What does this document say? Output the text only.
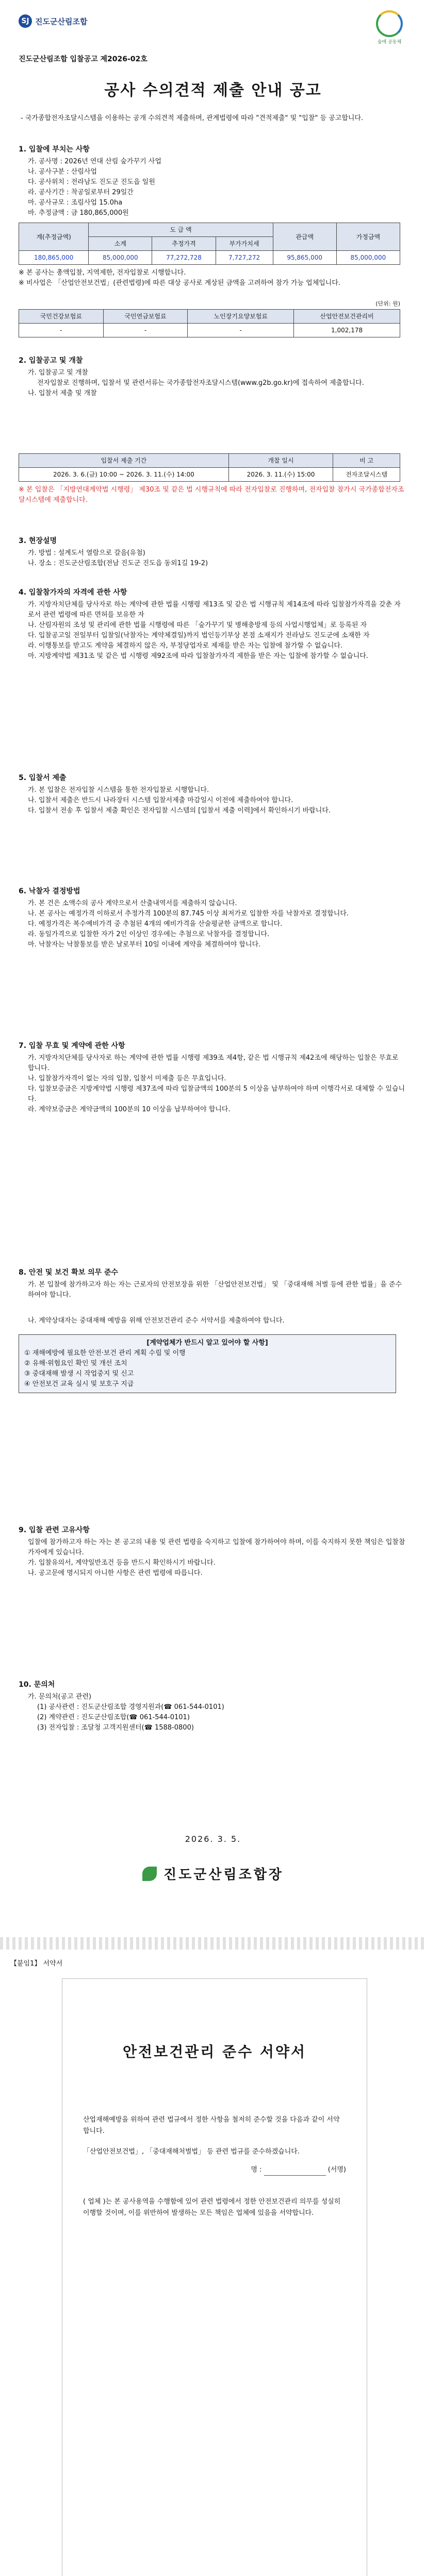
SJ 진도군산림조합
숲에 공동체
진도군산림조합 입찰공고 제2026-02호
공사 수의견적 제출 안내 공고
- 국가종합전자조달시스템을 이용하는 공개 수의견적 제출하며, 관계법령에 따라 "견적제출" 및 "입찰" 등 공고합니다.
1. 입찰에 부치는 사항
가. 공사명 : 2026년 연대 산림 숲가꾸기 사업
나. 공사구분 : 산림사업
다. 공사위치 : 전라남도 진도군 진도읍 일원
라. 공사기간 : 착공일로부터 29일간
마. 공사규모 : 조림사업 15.0ha
바. 추정금액 : 금 180,865,000원
계(추정금액)	도 급 액			관급액	가정금액
	소계	추정가격	부가가치세		
180,865,000	85,000,000	77,272,728	7,727,272	95,865,000	85,000,000

※ 본 공사는 총액입찰, 지역제한, 전자입찰로 시행합니다.

※ 비사업은 「산업안전보건법」(관련법령)에 따른 대상 공사로 계상된 금액을 고려하여 참가 가능 업체입니다.

(단위: 원)
국민건강보험료	국민연금보험료	노인장기요양보험료	산업안전보건관리비
-	-	-	1,002,178
2. 입찰공고 및 개찰

가. 입찰공고 및 개찰

전자입찰로 진행하며, 입찰서 및 관련서류는 국가종합전자조달시스템(www.g2b.go.kr)에 접속하여 제출합니다.

나. 입찰서 제출 및 개찰

입찰서 제출 기간	개찰 일시	비 고
2026. 3. 6.(금) 10:00 ~ 2026. 3. 11.(수) 14:00	2026. 3. 11.(수) 15:00	전자조달시스템

※ 본 입찰은 「지방연대계약법 시행령」 제30조 및 같은 법 시행규칙에 따라 전자입찰로 진행하며, 전자입찰 참가시 국가종합전자조달시스템에 제출합니다.

3. 현장설명

가. 방법 : 설계도서 열람으로 갈음(유첨)

나. 장소 : 진도군산림조합(전남 진도군 진도읍 동외1길 19-2)

4. 입찰참가자의 자격에 관한 사항

가. 지방자치단체를 당사자로 하는 계약에 관한 법률 시행령 제13조 및 같은 법 시행규칙 제14조에 따라 입찰참가자격을 갖춘 자로서 관련 법령에 따른 면허를 보유한 자

나. 산림자원의 조성 및 관리에 관한 법률 시행령에 따른 「숲가꾸기 및 병해충방제 등의 사업시행업체」로 등록된 자

다. 입찰공고일 전일부터 입찰일(낙찰자는 계약체결일)까지 법인등기부상 본점 소재지가 전라남도 진도군에 소재한 자

라. 이행통보를 받고도 계약을 체결하지 않은 자, 부정당업자로 제재를 받은 자는 입찰에 참가할 수 없습니다.

마. 지방계약법 제31조 및 같은 법 시행령 제92조에 따라 입찰참가자격 제한을 받은 자는 입찰에 참가할 수 없습니다.

5. 입찰서 제출

가. 본 입찰은 전자입찰 시스템을 통한 전자입찰로 시행합니다.

나. 입찰서 제출은 반드시 나라장터 시스템 입찰서제출 마감일시 이전에 제출하여야 합니다.

다. 입찰서 전송 후 입찰서 제출 확인은 전자입찰 시스템의 [입찰서 제출 이력]에서 확인하시기 바랍니다.

6. 낙찰자 결정방법

가. 본 건은 소액수의 공사 계약으로서 산출내역서를 제출하지 않습니다.

나. 본 공사는 예정가격 이하로서 추정가격 100분의 87.745 이상 최저가로 입찰한 자를 낙찰자로 결정합니다.

다. 예정가격은 복수예비가격 중 추첨된 4개의 예비가격을 산술평균한 금액으로 합니다.

라. 동일가격으로 입찰한 자가 2인 이상인 경우에는 추첨으로 낙찰자를 결정합니다.

마. 낙찰자는 낙찰통보를 받은 날로부터 10일 이내에 계약을 체결하여야 합니다.

7. 입찰 무효 및 계약에 관한 사항

가. 지방자치단체를 당사자로 하는 계약에 관한 법률 시행령 제39조 제4항, 같은 법 시행규칙 제42조에 해당하는 입찰은 무효로 합니다.

나. 입찰참가자격이 없는 자의 입찰, 입찰서 미제출 등은 무효입니다.

다. 입찰보증금은 지방계약법 시행령 제37조에 따라 입찰금액의 100분의 5 이상을 납부하여야 하며 이행각서로 대체할 수 있습니다.

라. 계약보증금은 계약금액의 100분의 10 이상을 납부하여야 합니다.

8. 안전 및 보건 확보 의무 준수

가. 본 입찰에 참가하고자 하는 자는 근로자의 안전보장을 위한 「산업안전보건법」 및 「중대재해 처벌 등에 관한 법률」을 준수하여야 합니다.

나. 계약상대자는 중대재해 예방을 위해 안전보건관리 준수 서약서를 제출하여야 합니다.

[계약업체가 반드시 알고 있어야 할 사항]

① 재해예방에 필요한 안전·보건 관리 계획 수립 및 이행

② 유해·위험요인 확인 및 개선 조치

③ 중대재해 발생 시 작업중지 및 신고

④ 안전보건 교육 실시 및 보호구 지급

9. 입찰 관련 고유사항

입찰에 참가하고자 하는 자는 본 공고의 내용 및 관련 법령을 숙지하고 입찰에 참가하여야 하며, 이를 숙지하지 못한 책임은 입찰참가자에게 있습니다.

가. 입찰유의서, 계약일반조건 등을 반드시 확인하시기 바랍니다.

나. 공고문에 명시되지 아니한 사항은 관련 법령에 따릅니다.

10. 문의처

가. 문의처(공고 관련)

(1) 공사관련 : 진도군산림조합 경영지원과(☎ 061-544-0101)

(2) 계약관련 : 진도군산림조합(☎ 061-544-0101)

(3) 전자입찰 : 조달청 고객지원센터(☎ 1588-0800)

2026. 3. 5.
진도군산림조합장
【붙임1】 서약서
안전보건관리 준수 서약서

산업재해예방을 위하여 관련 법규에서 정한 사항을 철저히 준수할 것을 다음과 같이 서약합니다.

「산업안전보건법」, 「중대재해처벌법」 등 관련 법규를 준수하겠습니다.

명 :	(서명)

( 업체 )는 본 공사용역을 수행함에 있어 관련 법령에서 정한 안전보건관리 의무를 성실히 이행할 것이며, 이를 위반하여 발생하는 모든 책임은 업체에 있음을 서약합니다.
